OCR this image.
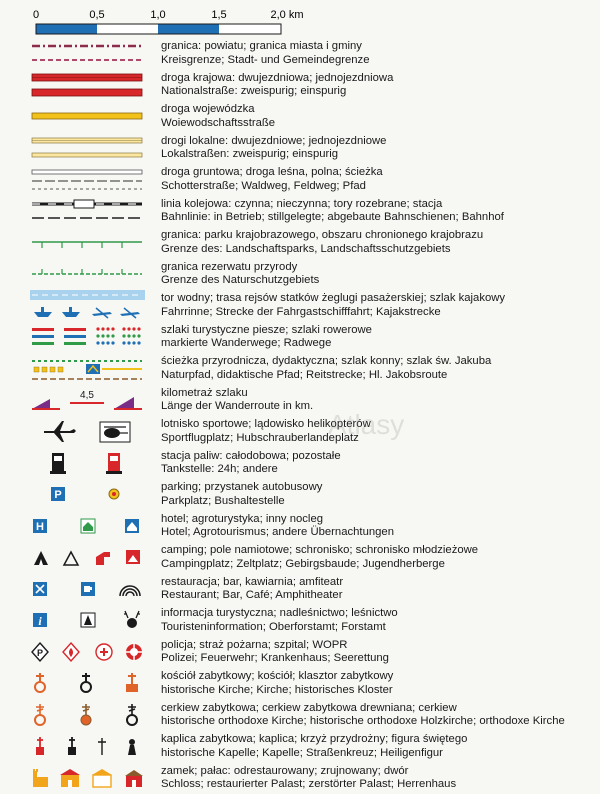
0	0,5	1,0	1,5	2,0 km
granica: powiatu; granica miasta i gminy
Kreisgrenze; Stadt- und Gemeindegrenze
droga krajowa: dwujezdniowa; jednojezdniowa
Nationalstraße: zweispurig; einspurig
droga wojewódzka
Woiewodschaftsstraße
drogi lokalne: dwujezdniowe; jednojezdniowe
Lokalstraßen: zweispurig; einspurig
droga gruntowa; droga leśna, polna; ścieżka
Schotterstraße; Waldweg, Feldweg; Pfad
linia kolejowa: czynna; nieczynna; tory rozebrane; stacja
Bahnlinie: in Betrieb; stillgelegte; abgebaute Bahnschienen; Bahnhof
granica: parku krajobrazowego, obszaru chronionego krajobrazu
Grenze des: Landschaftsparks, Landschaftsschutzgebiets
granica rezerwatu przyrody
Grenze des Naturschutzgebiets
tor wodny; trasa rejsów statków żeglugi pasażerskiej; szlak kajakowy
Fahrrinne; Strecke der Fahrgastschifffahrt; Kajakstrecke
szlaki turystyczne piesze; szlaki rowerowe
markierte Wanderwege; Radwege
ścieżka przyrodnicza, dydaktyczna; szlak konny; szlak św. Jakuba
Naturpfad, didaktische Pfad; Reitstrecke; Hl. Jakobsroute
4,5	kilometraż szlaku
Länge der Wanderroute in km.
lotnisko sportowe; lądowisko helikopterów
Sportflugplatz; Hubschrauberlandeplatz
stacja paliw: całodobowa; pozostałe
Tankstelle: 24h; andere
P
parking; przystanek autobusowy
Parkplatz; Bushaltestelle
H
hotel; agroturystyka; inny nocleg
Hotel; Agrotourismus; andere Übernachtungen
camping; pole namiotowe; schronisko; schronisko młodzieżowe
Campingplatz; Zeltplatz; Gebirgsbaude; Jugendherberge
restauracja; bar, kawiarnia; amfiteatr
Restaurant; Bar, Café; Amphitheater
i
informacja turystyczna; nadleśnictwo; leśnictwo
Touristeninformation; Oberforstamt; Forstamt
P
policja; straż pożarna; szpital; WOPR
Polizei; Feuerwehr; Krankenhaus; Seerettung
kościół zabytkowy; kościół; klasztor zabytkowy
historische Kirche; Kirche; historisches Kloster
cerkiew zabytkowa; cerkiew zabytkowa drewniana; cerkiew
historische orthodoxe Kirche; historische orthodoxe Holzkirche; orthodoxe Kirche
kaplica zabytkowa; kaplica; krzyż przydrożny; figura świętego
historische Kapelle; Kapelle; Straßenkreuz; Heiligenfigur
zamek; pałac: odrestaurowany; zrujnowany; dwór
Schloss; restaurierter Palast; zerstörter Palast; Herrenhaus
Atlasy
